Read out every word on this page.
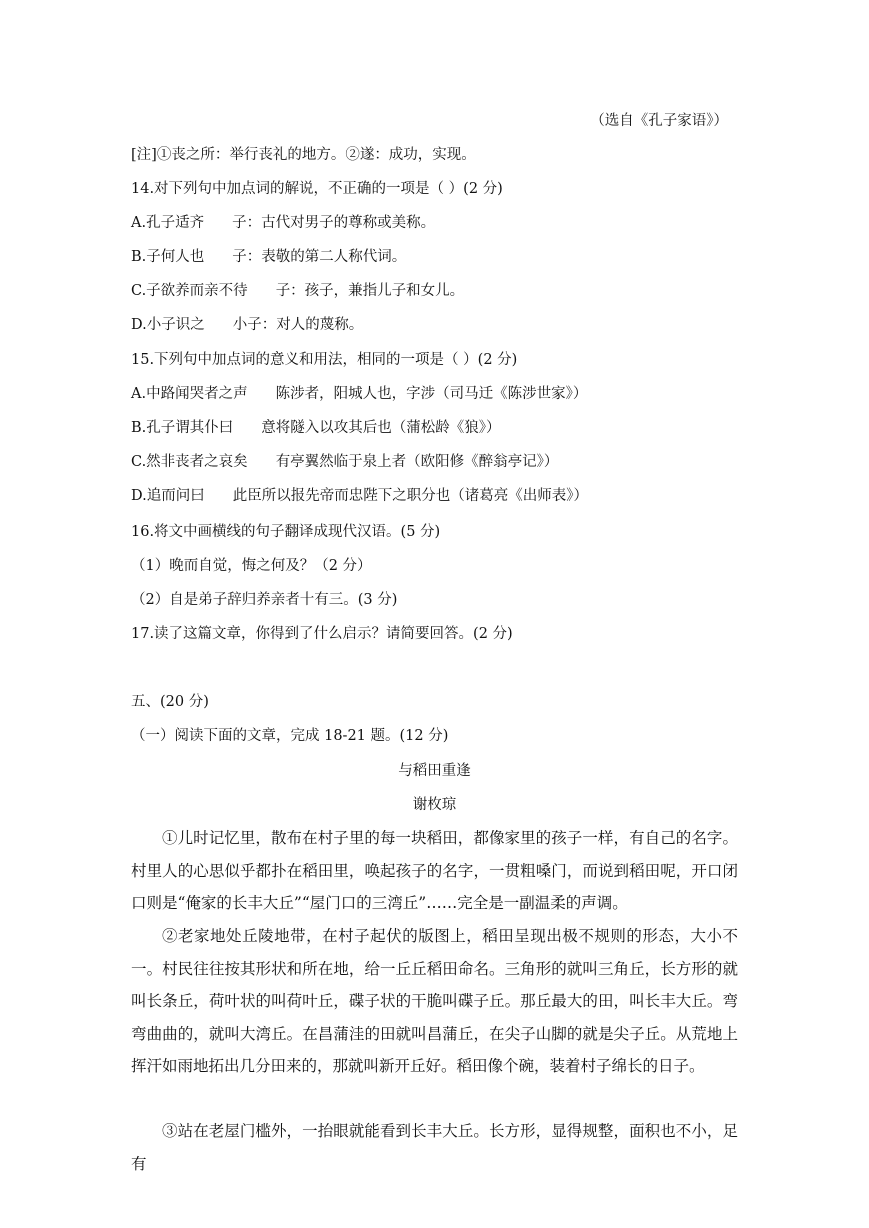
（选自《孔子家语》）
[注]①丧之所：举行丧礼的地方。②遂：成功，实现。
14.对下列句中加点词的解说，不正确的一项是（ ）(2 分)
A.孔子适齐 子：古代对男子的尊称或美称。
B.子何人也 子：表敬的第二人称代词。
C.子欲养而亲不待 子：孩子，兼指儿子和女儿。
D.小子识之 小子：对人的蔑称。
15.下列句中加点词的意义和用法，相同的一项是（ ）(2 分)
A.中路闻哭者之声 陈涉者，阳城人也，字涉（司马迁《陈涉世家》）
B.孔子谓其仆曰 意将隧入以攻其后也（蒲松龄《狼》）
C.然非丧者之哀矣 有亭翼然临于泉上者（欧阳修《醉翁亭记》）
D.追而问曰 此臣所以报先帝而忠陛下之职分也（诸葛亮《出师表》）
16.将文中画横线的句子翻译成现代汉语。(5 分)
（1）晚而自觉，悔之何及？（2 分）
（2）自是弟子辞归养亲者十有三。(3 分)
17.读了这篇文章，你得到了什么启示？请简要回答。(2 分)
五、(20 分)
（一）阅读下面的文章，完成 18-21 题。(12 分)
与稻田重逢
谢枚琼
①儿时记忆里，散布在村子里的每一块稻田，都像家里的孩子一样，有自己的名字。村里人的心思似乎都扑在稻田里，唤起孩子的名字，一贯粗嗓门，而说到稻田呢，开口闭口则是“俺家的长丰大丘”“屋门口的三湾丘”……完全是一副温柔的声调。
②老家地处丘陵地带，在村子起伏的版图上，稻田呈现出极不规则的形态，大小不一。村民往往按其形状和所在地，给一丘丘稻田命名。三角形的就叫三角丘，长方形的就叫长条丘，荷叶状的叫荷叶丘，碟子状的干脆叫碟子丘。那丘最大的田，叫长丰大丘。弯弯曲曲的，就叫大湾丘。在昌蒲洼的田就叫昌蒲丘，在尖子山脚的就是尖子丘。从荒地上挥汗如雨地拓出几分田来的，那就叫新开丘好。稻田像个碗，装着村子绵长的日子。
③站在老屋门槛外，一抬眼就能看到长丰大丘。长方形，显得规整，面积也不小，足有
